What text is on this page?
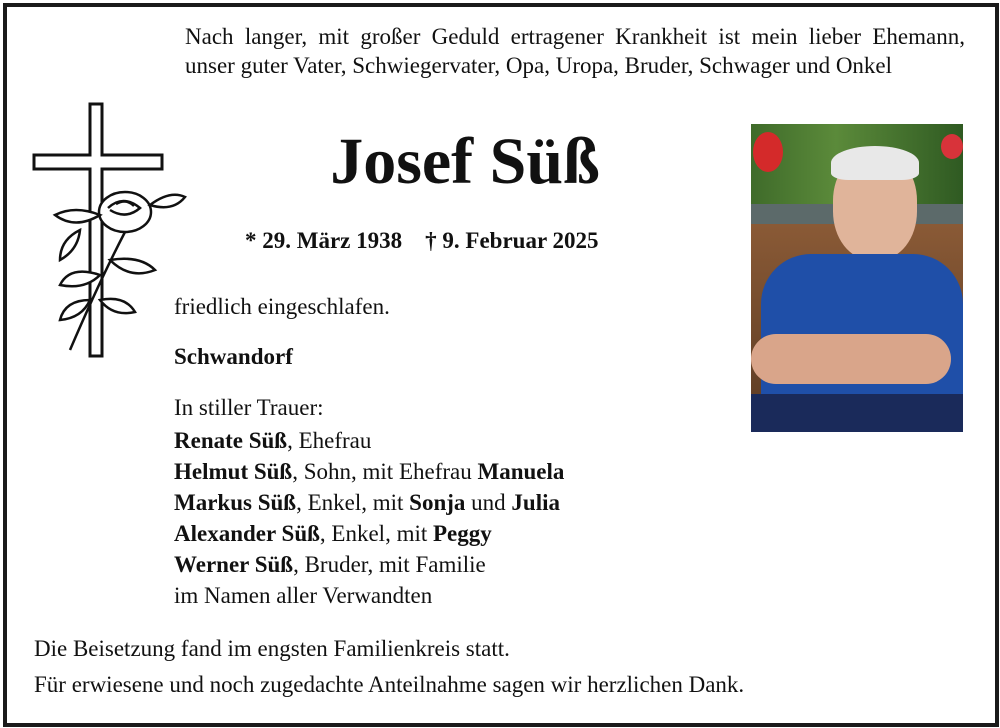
Nach langer, mit großer Geduld ertragener Krankheit ist mein lieber Ehemann, unser guter Vater, Schwiegervater, Opa, Uropa, Bruder, Schwager und Onkel
Josef Süß
* 29. März 1938 † 9. Februar 2025
friedlich eingeschlafen.
Schwandorf
In stiller Trauer:
Renate Süß, Ehefrau
Helmut Süß, Sohn, mit Ehefrau Manuela
Markus Süß, Enkel, mit Sonja und Julia
Alexander Süß, Enkel, mit Peggy
Werner Süß, Bruder, mit Familie
im Namen aller Verwandten
Die Beisetzung fand im engsten Familienkreis statt.
Für erwiesene und noch zugedachte Anteilnahme sagen wir herzlichen Dank.
